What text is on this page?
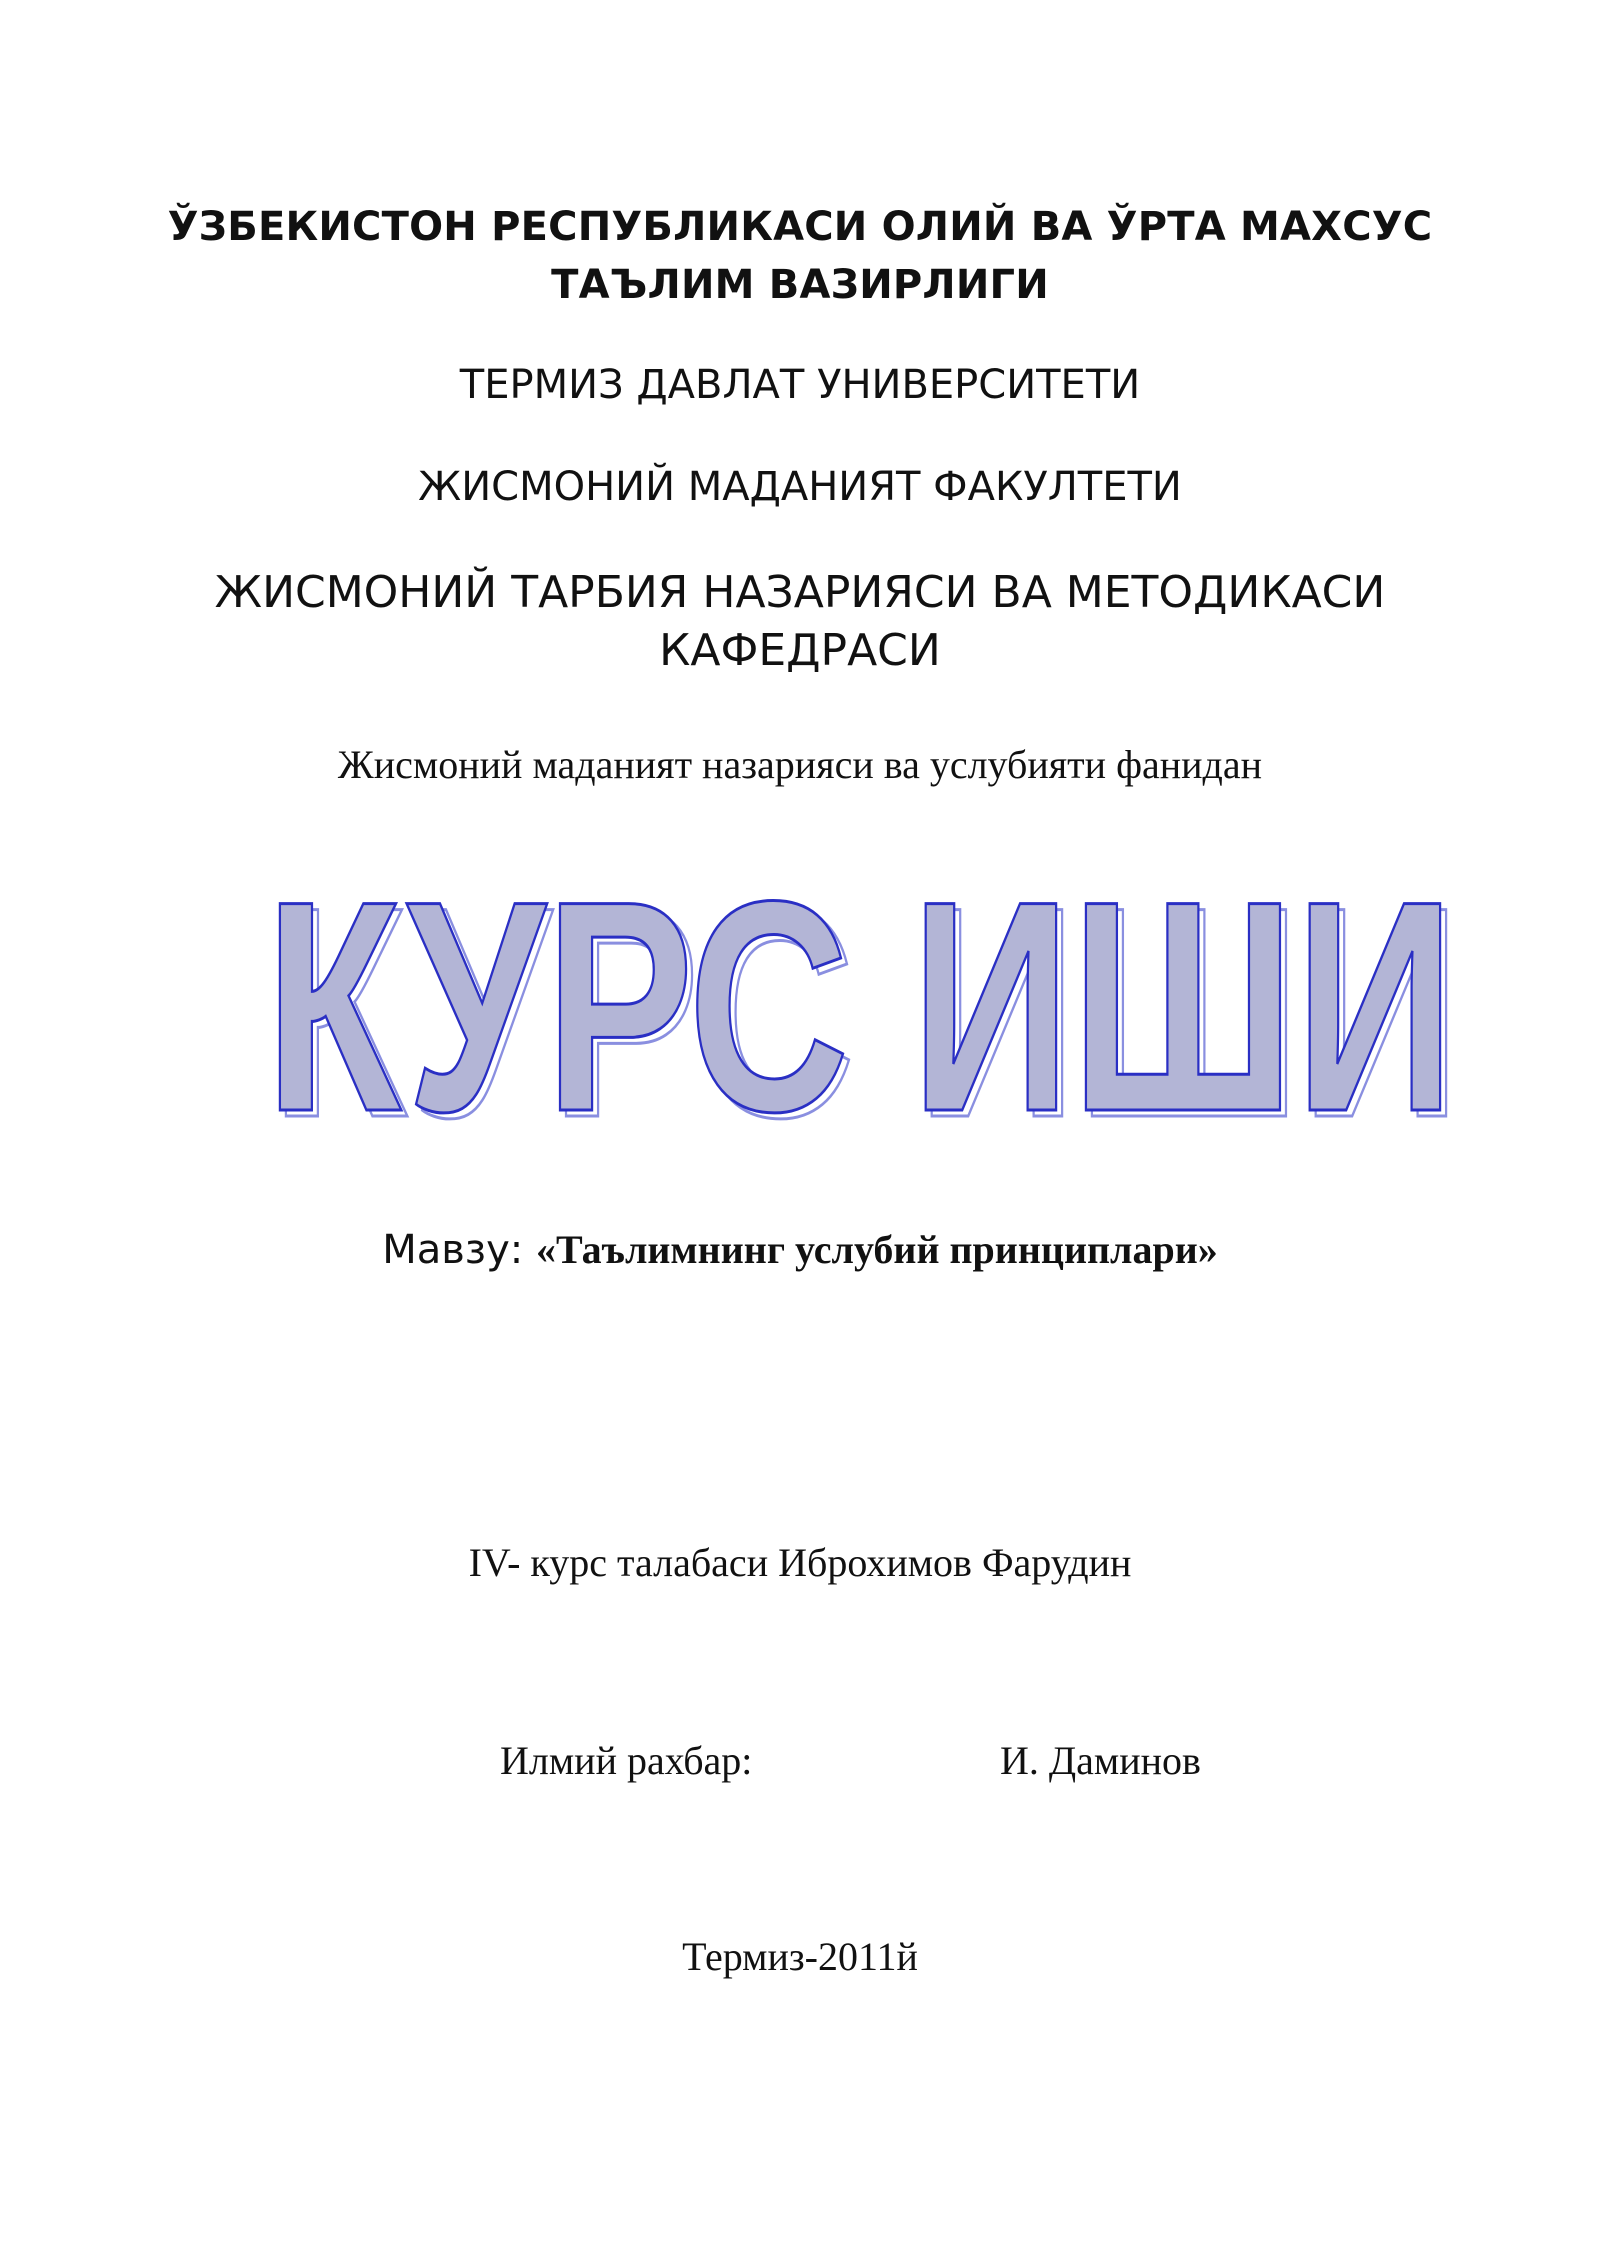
ЎЗБЕКИСТОН РЕСПУБЛИКАСИ ОЛИЙ ВА ЎРТА МАХСУС
ТАЪЛИМ ВАЗИРЛИГИ
ТЕРМИЗ ДАВЛАТ УНИВЕРСИТЕТИ
ЖИСМОНИЙ МАДАНИЯТ ФАКУЛТЕТИ
ЖИСМОНИЙ ТАРБИЯ НАЗАРИЯСИ ВА МЕТОДИКАСИ
КАФЕДРАСИ
Жисмоний маданият назарияси ва услубияти фанидан
КУРС ИШИ
КУРС ИШИ
Мавзу: «Таълимнинг услубий принциплари»
IV- курс талабаси Иброхимов Фарудин
Илмий рахбар:	И. Даминов
Термиз-2011й
